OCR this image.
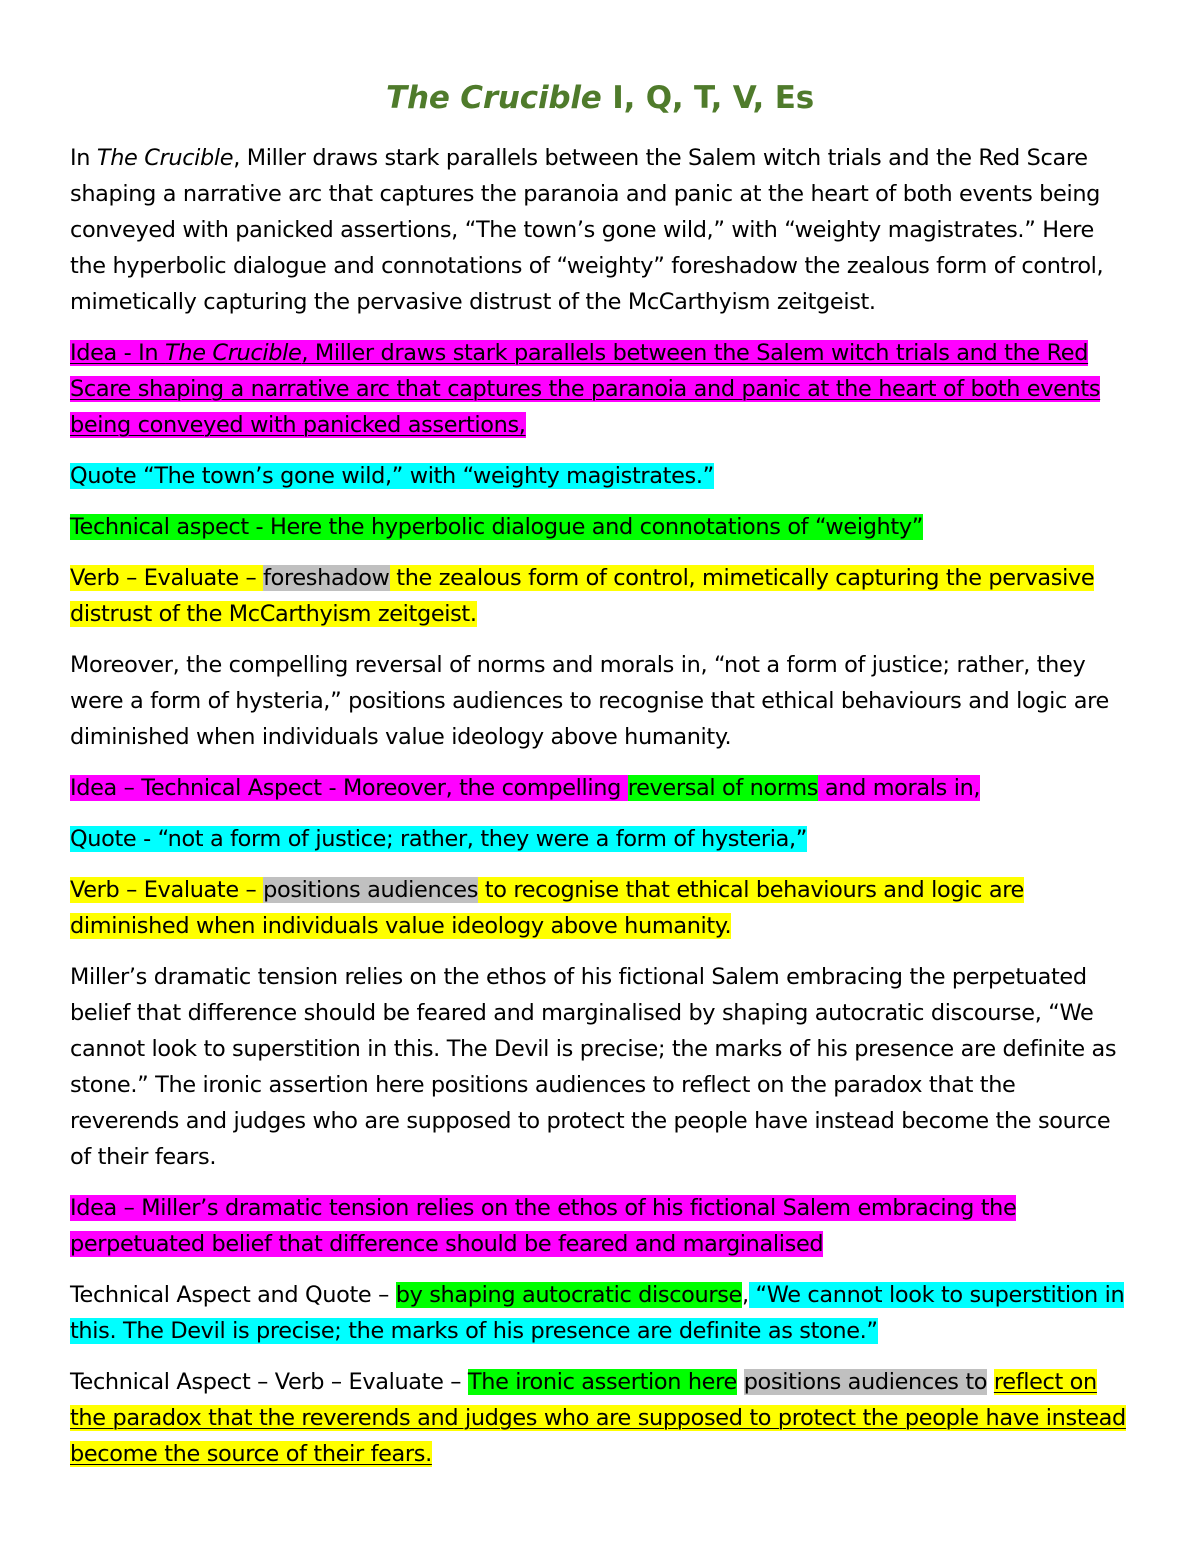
The Crucible I, Q, T, V, Es

In The Crucible, Miller draws stark parallels between the Salem witch trials and the Red Scare shaping a narrative arc that captures the paranoia and panic at the heart of both events being conveyed with panicked assertions, “The town’s gone wild,” with “weighty magistrates.” Here the hyperbolic dialogue and connotations of “weighty” foreshadow the zealous form of control, mimetically capturing the pervasive distrust of the McCarthyism zeitgeist.

Idea - In The Crucible, Miller draws stark parallels between the Salem witch trials and the Red Scare shaping a narrative arc that captures the paranoia and panic at the heart of both events being conveyed with panicked assertions,

Quote “The town’s gone wild,” with “weighty magistrates.”

Technical aspect - Here the hyperbolic dialogue and connotations of “weighty”

Verb – Evaluate – foreshadow the zealous form of control, mimetically capturing the pervasive distrust of the McCarthyism zeitgeist.

Moreover, the compelling reversal of norms and morals in, “not a form of justice; rather, they were a form of hysteria,” positions audiences to recognise that ethical behaviours and logic are diminished when individuals value ideology above humanity.

Idea – Technical Aspect - Moreover, the compelling reversal of norms and morals in,

Quote - “not a form of justice; rather, they were a form of hysteria,”

Verb – Evaluate – positions audiences to recognise that ethical behaviours and logic are diminished when individuals value ideology above humanity.

Miller’s dramatic tension relies on the ethos of his fictional Salem embracing the perpetuated belief that difference should be feared and marginalised by shaping autocratic discourse, “We cannot look to superstition in this. The Devil is precise; the marks of his presence are definite as stone.” The ironic assertion here positions audiences to reflect on the paradox that the reverends and judges who are supposed to protect the people have instead become the source of their fears.

Idea – Miller’s dramatic tension relies on the ethos of his fictional Salem embracing the perpetuated belief that difference should be feared and marginalised

Technical Aspect and Quote – by shaping autocratic discourse, “We cannot look to superstition in this. The Devil is precise; the marks of his presence are definite as stone.”

Technical Aspect – Verb – Evaluate – The ironic assertion here positions audiences to reflect on the paradox that the reverends and judges who are supposed to protect the people have instead become the source of their fears.
